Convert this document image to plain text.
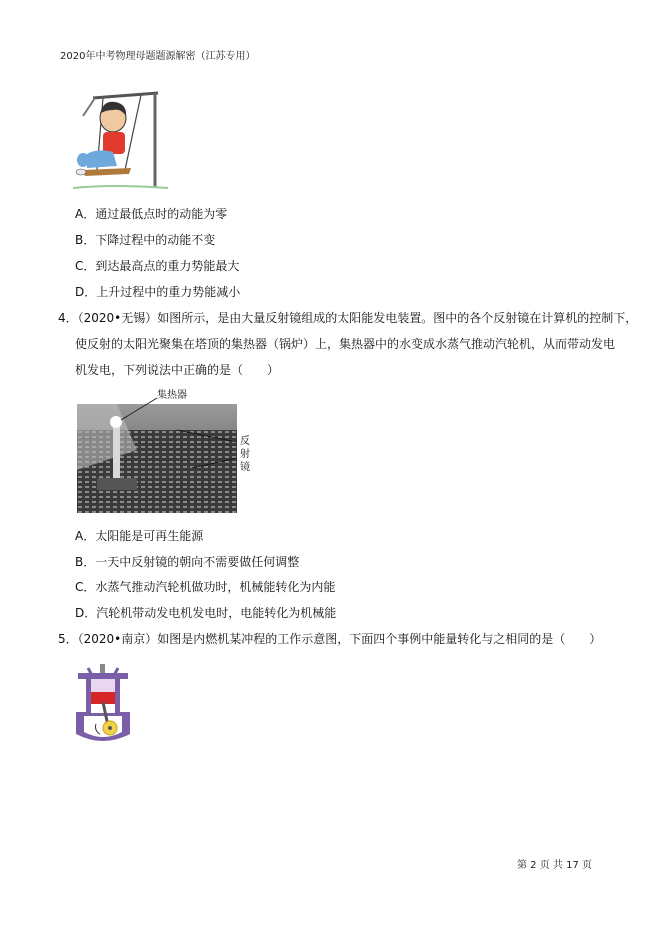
2020年中考物理母题题源解密（江苏专用）
A．通过最低点时的动能为零
B．下降过程中的动能不变
C．到达最高点的重力势能最大
D．上升过程中的重力势能减小

4．（2020•无锡）如图所示，是由大量反射镜组成的太阳能发电装置。图中的各个反射镜在计算机的控制下，

使反射的太阳光聚集在塔顶的集热器（锅炉）上，集热器中的水变成水蒸气推动汽轮机，从而带动发电

机发电，下列说法中正确的是（　　）

集热器
反
射
镜
A．太阳能是可再生能源
B．一天中反射镜的朝向不需要做任何调整
C．水蒸气推动汽轮机做功时，机械能转化为内能
D．汽轮机带动发电机发电时，电能转化为机械能

5．（2020•南京）如图是内燃机某冲程的工作示意图，下面四个事例中能量转化与之相同的是（　　）

第 2 页 共 17 页
